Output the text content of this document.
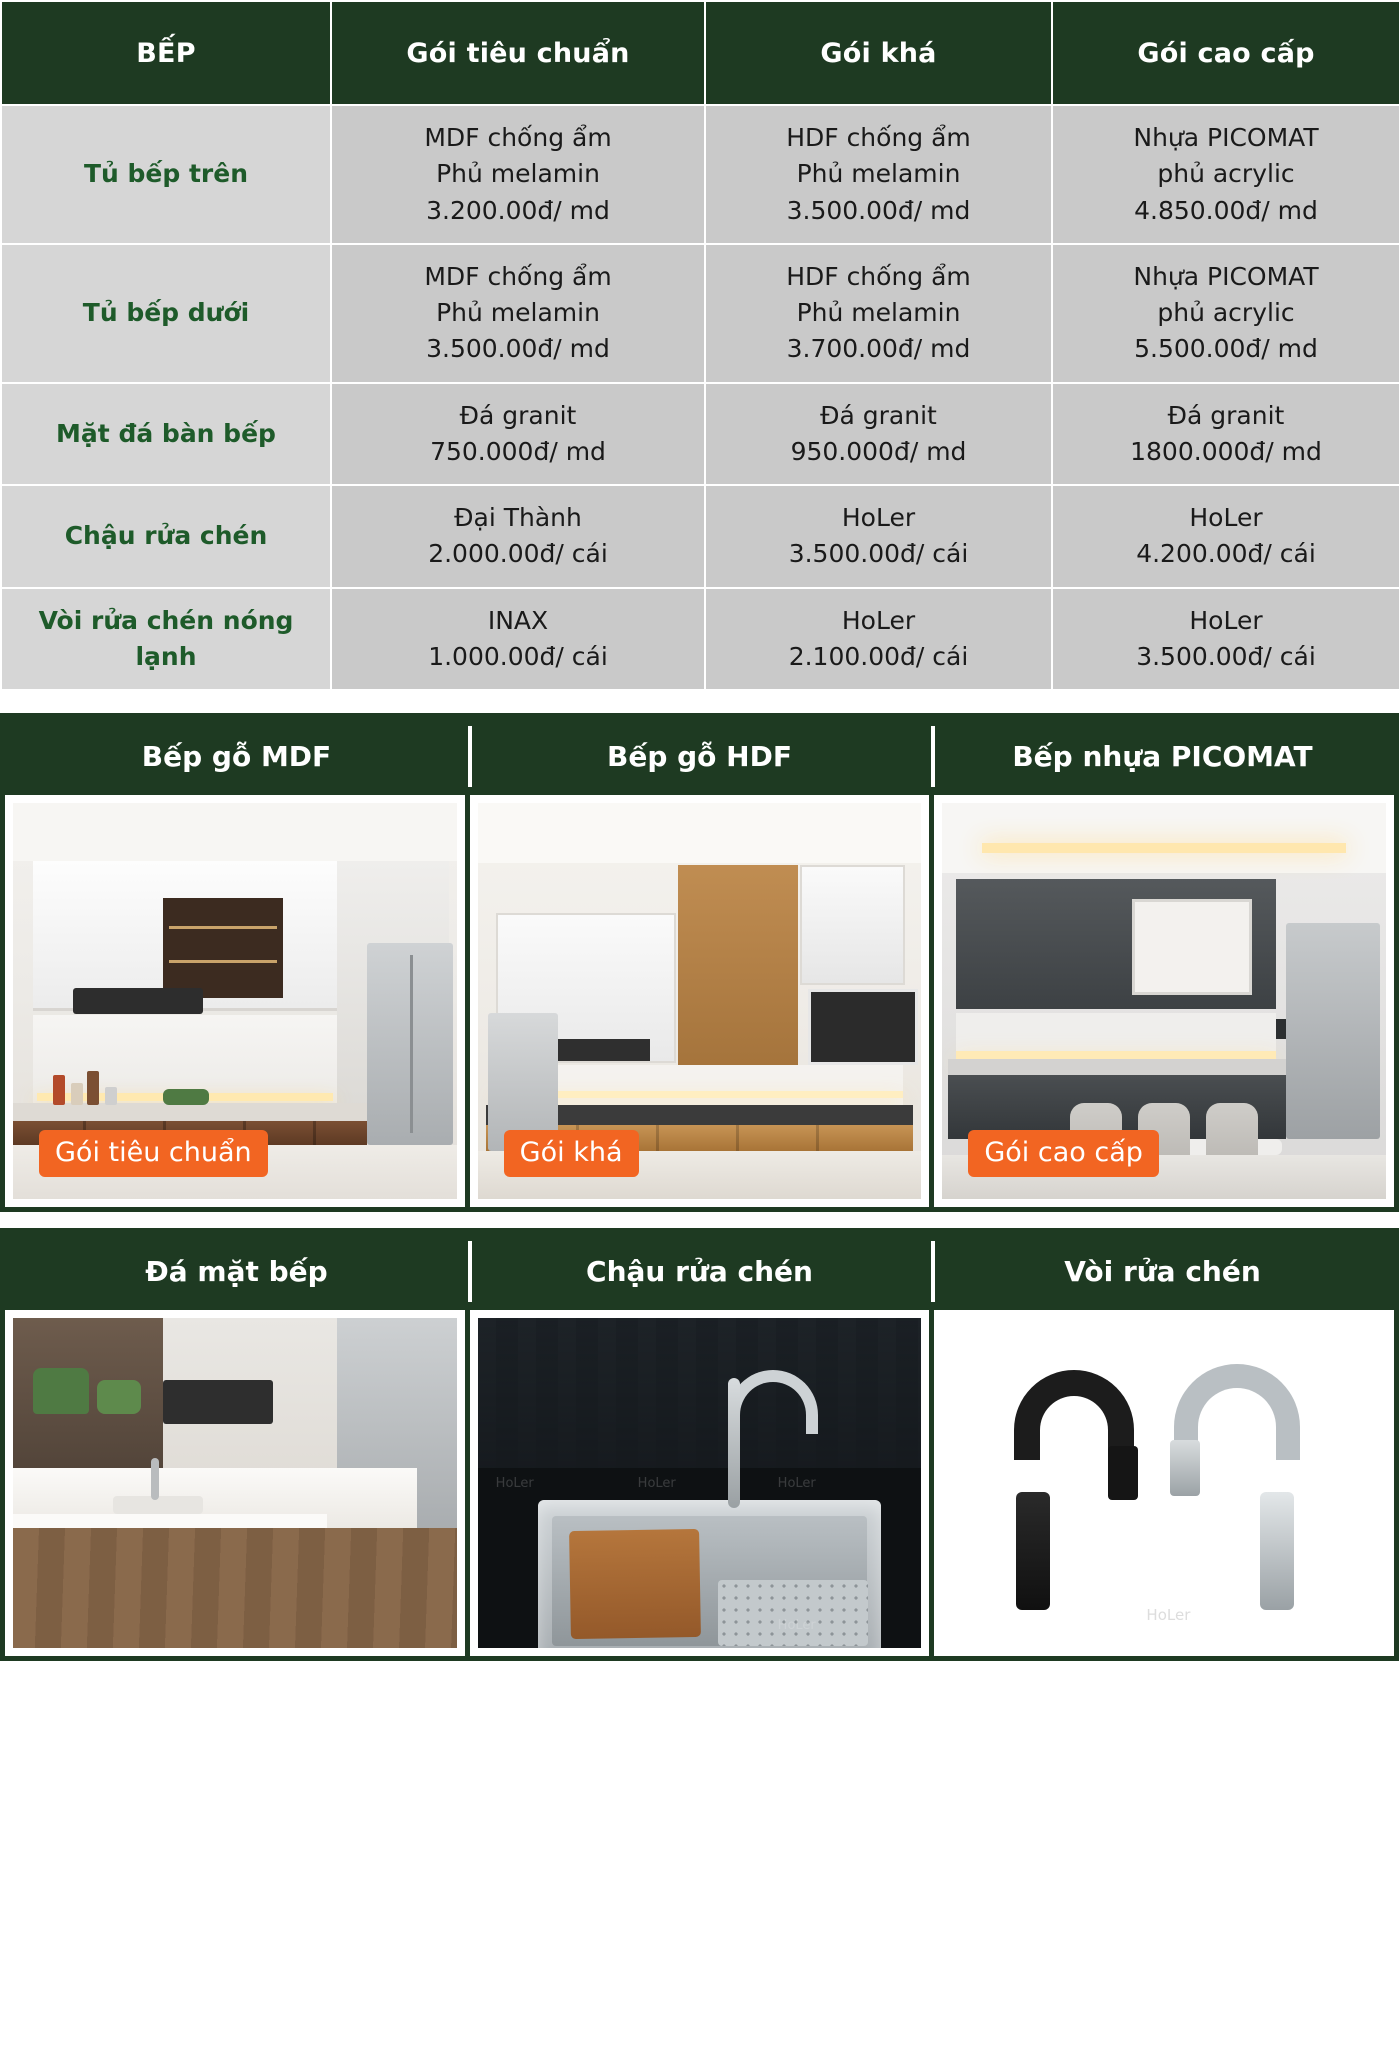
BẾP	Gói tiêu chuẩn	Gói khá	Gói cao cấp
Tủ bếp trên	MDF chống ẩm
Phủ melamin
3.200.00đ/ md	HDF chống ẩm
Phủ melamin
3.500.00đ/ md	Nhựa PICOMAT
phủ acrylic
4.850.00đ/ md

Tủ bếp dưới	MDF chống ẩm
Phủ melamin
3.500.00đ/ md	HDF chống ẩm
Phủ melamin
3.700.00đ/ md	Nhựa PICOMAT
phủ acrylic
5.500.00đ/ md

Mặt đá bàn bếp	Đá granit
750.000đ/ md	Đá granit
950.000đ/ md	Đá granit
1800.000đ/ md

Chậu rửa chén	Đại Thành
2.000.00đ/ cái	HoLer
3.500.00đ/ cái	HoLer
4.200.00đ/ cái

Vòi rửa chén nóng lạnh	INAX
1.000.00đ/ cái	HoLer
2.100.00đ/ cái	HoLer
3.500.00đ/ cái
Bếp gỗ MDF	Bếp gỗ HDF	Bếp nhựa PICOMAT
Gói tiêu chuẩn	Gói khá	Gói cao cấp
Đá mặt bếp	Chậu rửa chén	Vòi rửa chén
HoLer	HoLer	HoLer
HoLer
HoLer
